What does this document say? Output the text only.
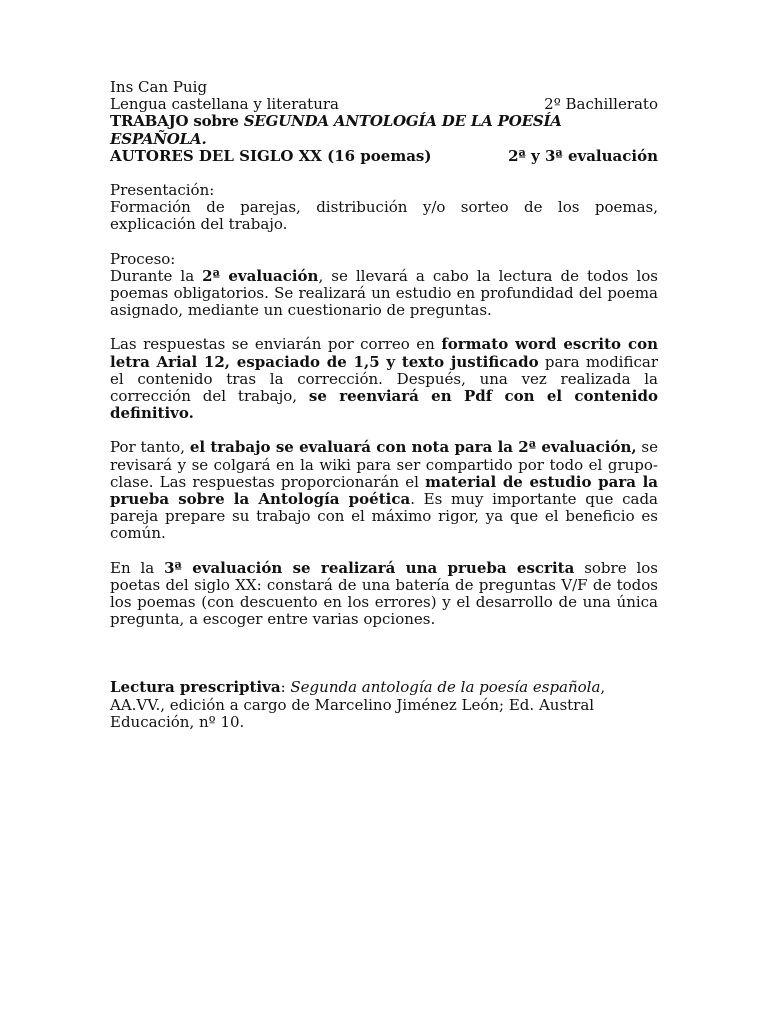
Ins Can Puig

Lengua castellana y literatura	2º Bachillerato

TRABAJO sobre SEGUNDA ANTOLOGÍA DE LA POESÍA ESPAÑOLA.

AUTORES DEL SIGLO XX (16 poemas)	2ª y 3ª evaluación

Presentación:

Formación de parejas, distribución y/o sorteo de los poemas, explicación del trabajo.

Proceso:

Durante la 2ª evaluación, se llevará a cabo la lectura de todos los poemas obligatorios. Se realizará un estudio en profundidad del poema asignado, mediante un cuestionario de preguntas.

Las respuestas se enviarán por correo en formato word escrito con letra Arial 12, espaciado de 1,5 y texto justificado para modificar el contenido tras la corrección. Después, una vez realizada la corrección del trabajo, se reenviará en Pdf con el contenido definitivo.

Por tanto, el trabajo se evaluará con nota para la 2ª evaluación, se revisará y se colgará en la wiki para ser compartido por todo el grupo-clase. Las respuestas proporcionarán el material de estudio para la prueba sobre la Antología poética. Es muy importante que cada pareja prepare su trabajo con el máximo rigor, ya que el beneficio es común.

En la 3ª evaluación se realizará una prueba escrita sobre los poetas del siglo XX: constará de una batería de preguntas V/F de todos los poemas (con descuento en los errores) y el desarrollo de una única pregunta, a escoger entre varias opciones.

Lectura prescriptiva: Segunda antología de la poesía española, AA.VV., edición a cargo de Marcelino Jiménez León; Ed. Austral Educación, nº 10.
